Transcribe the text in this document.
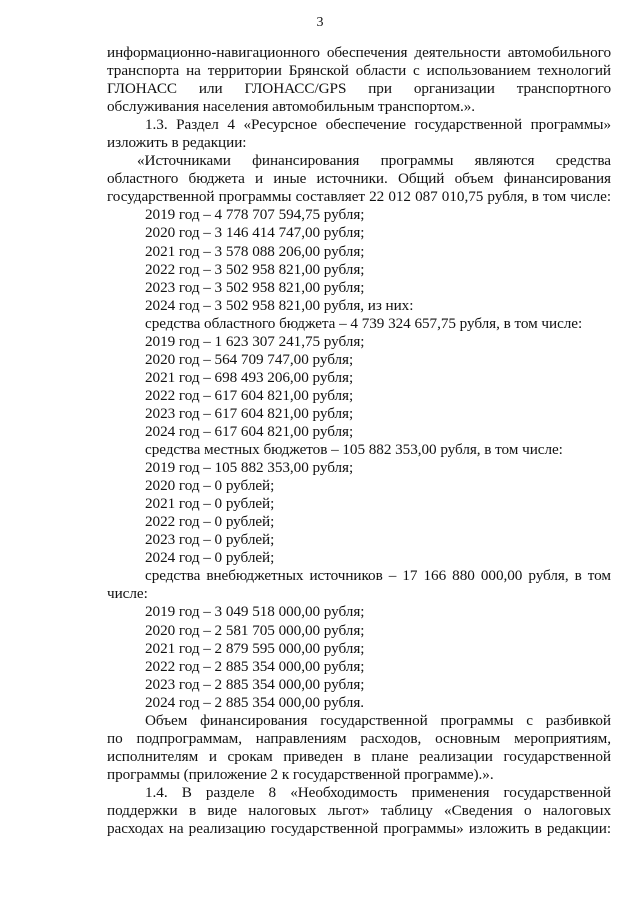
3

информационно-навигационного обеспечения деятельности автомобильного

транспорта на территории Брянской области с использованием технологий

ГЛОНАСС или ГЛОНАСС/GPS при организации транспортного

обслуживания населения автомобильным транспортом.».

1.3. Раздел 4 «Ресурсное обеспечение государственной программы»

изложить в редакции:

«Источниками финансирования программы являются средства

областного бюджета и иные источники. Общий объем финансирования

государственной программы составляет 22 012 087 010,75 рубля, в том числе:

2019 год – 4 778 707 594,75 рубля;

2020 год – 3 146 414 747,00 рубля;

2021 год – 3 578 088 206,00 рубля;

2022 год – 3 502 958 821,00 рубля;

2023 год – 3 502 958 821,00 рубля;

2024 год – 3 502 958 821,00 рубля, из них:

средства областного бюджета – 4 739 324 657,75 рубля, в том числе:

2019 год – 1 623 307 241,75 рубля;

2020 год – 564 709 747,00 рубля;

2021 год – 698 493 206,00 рубля;

2022 год – 617 604 821,00 рубля;

2023 год – 617 604 821,00 рубля;

2024 год – 617 604 821,00 рубля;

средства местных бюджетов – 105 882 353,00 рубля, в том числе:

2019 год – 105 882 353,00 рубля;

2020 год – 0 рублей;

2021 год – 0 рублей;

2022 год – 0 рублей;

2023 год – 0 рублей;

2024 год – 0 рублей;

средства внебюджетных источников – 17 166 880 000,00 рубля, в том

числе:

2019 год – 3 049 518 000,00 рубля;

2020 год – 2 581 705 000,00 рубля;

2021 год – 2 879 595 000,00 рубля;

2022 год – 2 885 354 000,00 рубля;

2023 год – 2 885 354 000,00 рубля;

2024 год – 2 885 354 000,00 рубля.

Объем финансирования государственной программы с разбивкой

по подпрограммам, направлениям расходов, основным мероприятиям,

исполнителям и срокам приведен в плане реализации государственной

программы (приложение 2 к государственной программе).».

1.4. В разделе 8 «Необходимость применения государственной

поддержки в виде налоговых льгот» таблицу «Сведения о налоговых

расходах на реализацию государственной программы» изложить в редакции:
